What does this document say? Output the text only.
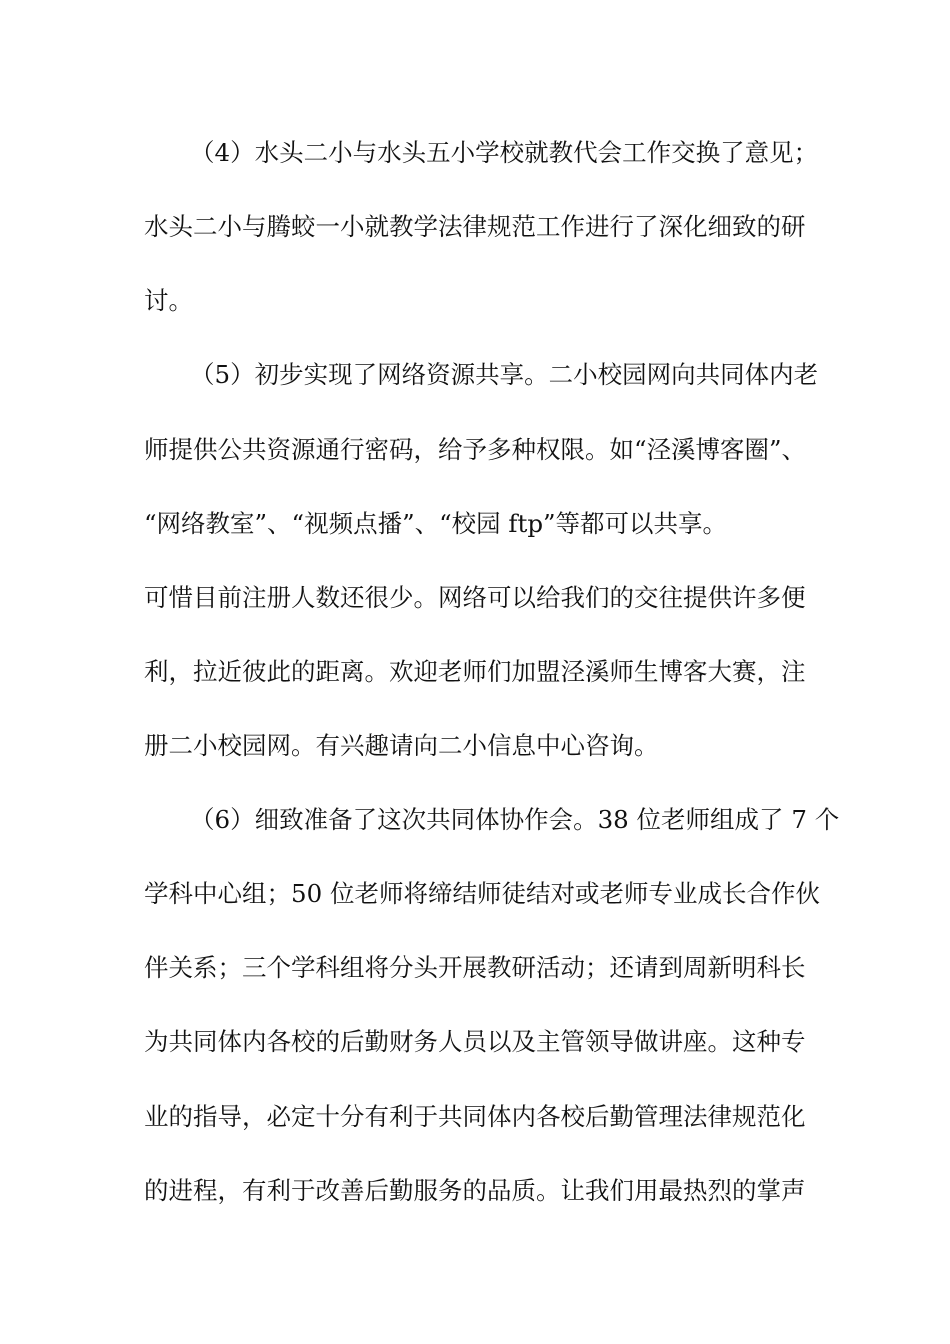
（4）水头二小与水头五小学校就教代会工作交换了意见；
水头二小与腾蛟一小就教学法律规范工作进行了深化细致的研
讨。
（5）初步实现了网络资源共享。二小校园网向共同体内老
师提供公共资源通行密码，给予多种权限。如“泾溪博客圈”、
“网络教室”、“视频点播”、“校园 ftp”等都可以共享。
可惜目前注册人数还很少。网络可以给我们的交往提供许多便
利，拉近彼此的距离。欢迎老师们加盟泾溪师生博客大赛，注
册二小校园网。有兴趣请向二小信息中心咨询。
（6）细致准备了这次共同体协作会。38 位老师组成了 7 个
学科中心组；50 位老师将缔结师徒结对或老师专业成长合作伙
伴关系；三个学科组将分头开展教研活动；还请到周新明科长
为共同体内各校的后勤财务人员以及主管领导做讲座。这种专
业的指导，必定十分有利于共同体内各校后勤管理法律规范化
的进程，有利于改善后勤服务的品质。让我们用最热烈的掌声
